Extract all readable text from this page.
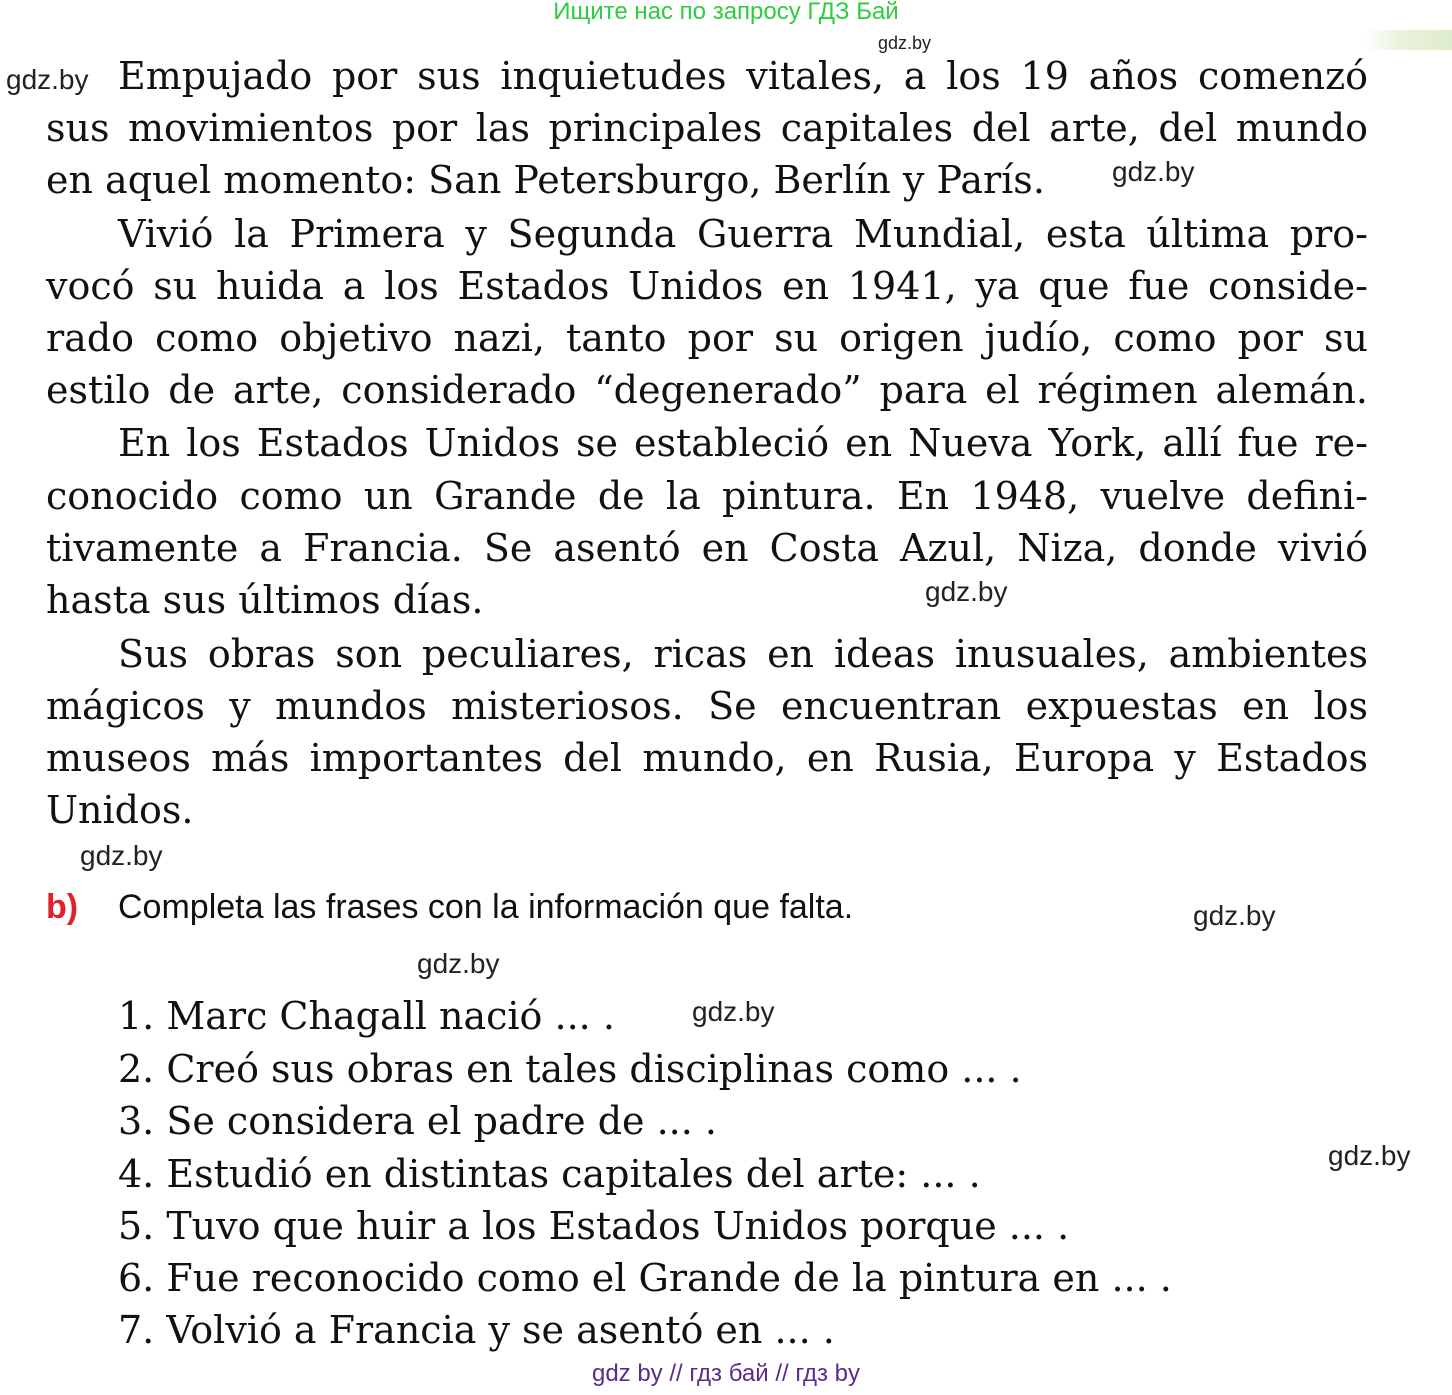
Ищите нас по запросу ГДЗ Бай
gdz.by
gdz.by
gdz.by
gdz.by
gdz.by
gdz.by
gdz.by
gdz.by
gdz.by
Empujado por sus inquietudes vitales, a los 19 años comenzó
sus movimientos por las principales capitales del arte, del mundo
en aquel momento: San Petersburgo, Berlín y París.
Vivió la Primera y Segunda Guerra Mundial, esta última pro-
vocó su huida a los Estados Unidos en 1941, ya que fue conside-
rado como objetivo nazi, tanto por su origen judío, como por su
estilo de arte, considerado “degenerado” para el régimen alemán.
En los Estados Unidos se estableció en Nueva York, allí fue re-
conocido como un Grande de la pintura. En 1948, vuelve defini-
tivamente a Francia. Se asentó en Costa Azul, Niza, donde vivió
hasta sus últimos días.
Sus obras son peculiares, ricas en ideas inusuales, ambientes
mágicos y mundos misteriosos. Se encuentran expuestas en los
museos más importantes del mundo, en Rusia, Europa y Estados
Unidos.
b) Completa las frases con la información que falta.
1. Marc Chagall nació ... .
2. Creó sus obras en tales disciplinas como ... .
3. Se considera el padre de ... .
4. Estudió en distintas capitales del arte: ... .
5. Tuvo que huir a los Estados Unidos porque ... .
6. Fue reconocido como el Grande de la pintura en ... .
7. Volvió a Francia y se asentó en ... .
gdz by // гдз бай // гдз by
